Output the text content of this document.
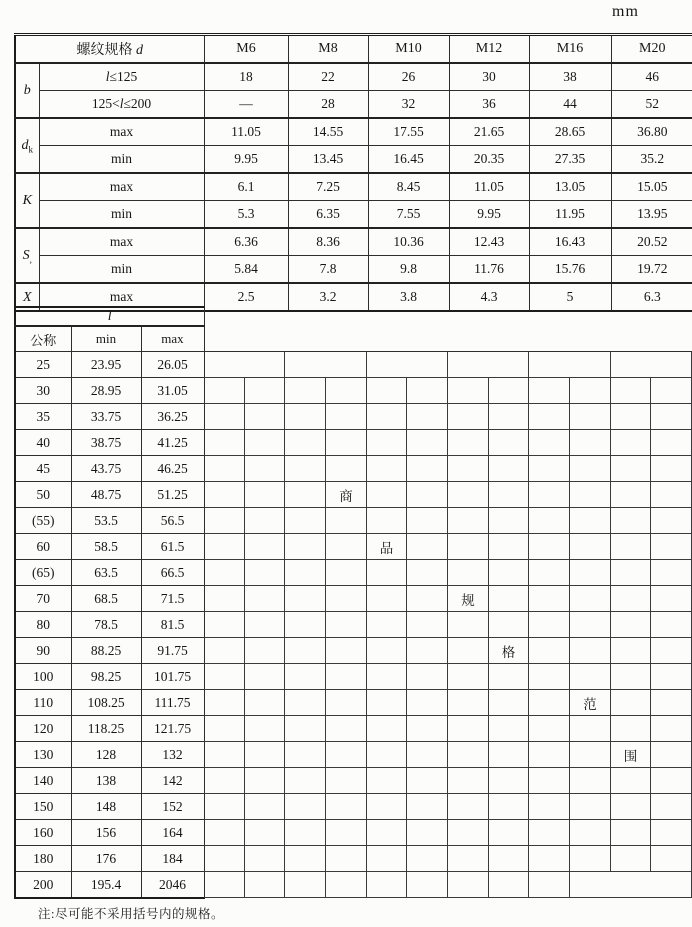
mm
螺纹规格 d		M6	M8	M10	M12	M16	M20
b	l≤125	18	22	26	30	38	46
	125<l≤200	—	28	32	36	44	52
$d_k$	max	11.05	14.55	17.55	21.65	28.65	36.80
	min	9.95	13.45	16.45	20.35	27.35	35.2
K	max	6.1	7.25	8.45	11.05	13.05	15.05
	min	5.3	6.35	7.55	9.95	11.95	13.95
$S_,$	max	6.36	8.36	10.36	12.43	16.43	20.52
	min	5.84	7.8	9.8	11.76	15.76	19.72
X	max	2.5	3.2	3.8	4.3	5	6.3
l		
公称	min	max
25	23.95	26.05
30	28.95	31.05
35	33.75	36.25
40	38.75	41.25
45	43.75	46.25
50	48.75	51.25
(55)	53.5	56.5
60	58.5	61.5
(65)	63.5	66.5
70	68.5	71.5
80	78.5	81.5
90	88.25	91.75
100	98.25	101.75
110	108.25	111.75
120	118.25	121.75
130	128	132
140	138	142
150	148	152
160	156	164
180	176	184
200	195.4	2046
商
品
规
格
范
围
注:尽可能不采用括号内的规格。
